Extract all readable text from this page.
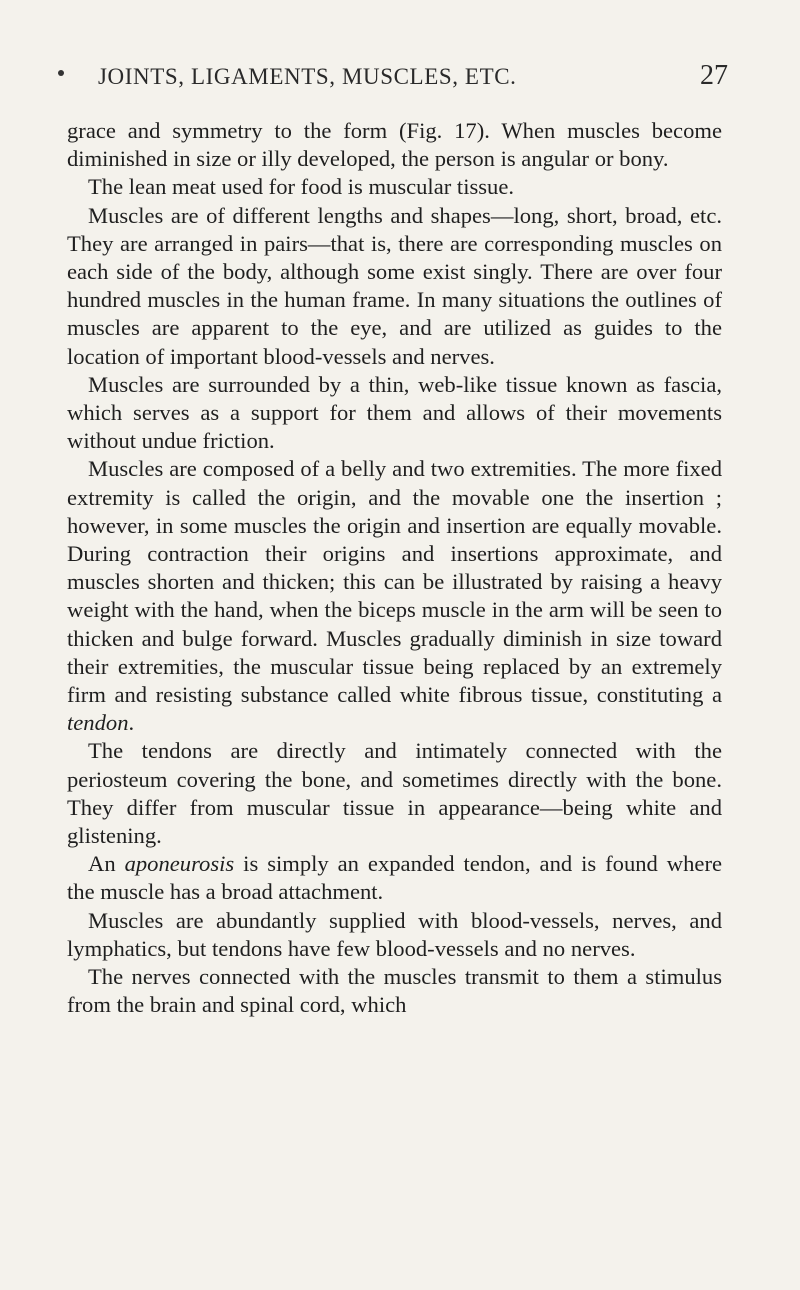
JOINTS, LIGAMENTS, MUSCLES, ETC.	27

grace and symmetry to the form (Fig. 17). When muscles become diminished in size or illy developed, the person is angular or bony.

The lean meat used for food is muscular tissue.

Muscles are of different lengths and shapes—long, short, broad, etc. They are arranged in pairs—that is, there are corresponding muscles on each side of the body, although some exist singly. There are over four hundred muscles in the human frame. In many situations the outlines of muscles are apparent to the eye, and are utilized as guides to the location of important blood-vessels and nerves.

Muscles are surrounded by a thin, web-like tissue known as fascia, which serves as a support for them and allows of their movements without undue friction.

Muscles are composed of a belly and two extremities. The more fixed extremity is called the origin, and the movable one the insertion ; however, in some muscles the origin and insertion are equally movable. During contraction their origins and insertions approximate, and muscles shorten and thicken; this can be illustrated by raising a heavy weight with the hand, when the biceps muscle in the arm will be seen to thicken and bulge forward. Muscles gradually diminish in size toward their extremities, the muscular tissue being replaced by an extremely firm and resisting substance called white fibrous tissue, constituting a tendon.

The tendons are directly and intimately connected with the periosteum covering the bone, and sometimes directly with the bone. They differ from muscular tissue in appearance—being white and glistening.

An aponeurosis is simply an expanded tendon, and is found where the muscle has a broad attachment.

Muscles are abundantly supplied with blood-vessels, nerves, and lymphatics, but tendons have few blood-vessels and no nerves.

The nerves connected with the muscles transmit to them a stimulus from the brain and spinal cord, which
